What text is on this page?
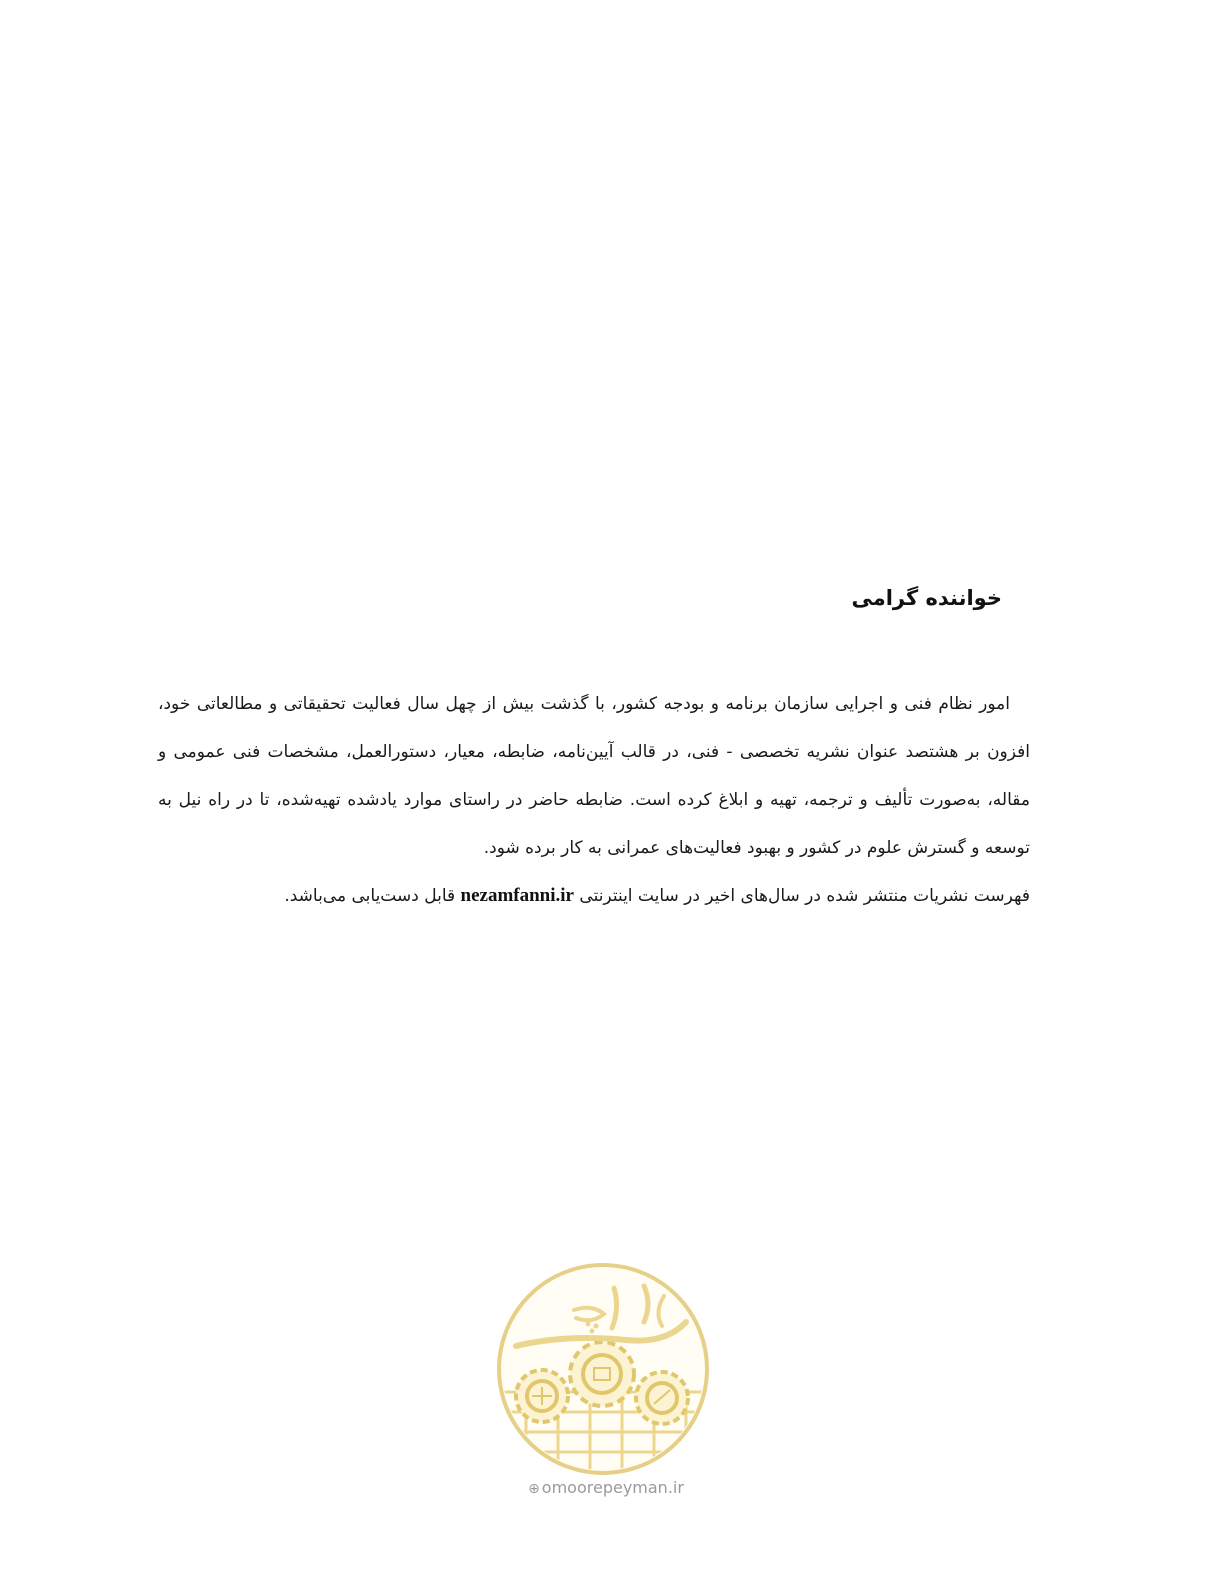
خواننده گرامی

امور نظام فنی و اجرایی سازمان برنامه و بودجه کشور، با گذشت بیش از چهل سال فعالیت تحقیقاتی و مطالعاتی خود، افزون بر هشتصد عنوان نشریه تخصصی - فنی، در قالب آیین‌نامه، ضابطه، معیار، دستورالعمل، مشخصات فنی عمومی و مقاله، به‌صورت تألیف و ترجمه، تهیه و ابلاغ کرده است. ضابطه حاضر در راستای موارد یادشده تهیه‌شده، تا در راه نیل به توسعه و گسترش علوم در کشور و بهبود فعالیت‌های عمرانی به کار برده شود.

فهرست نشریات منتشر شده در سال‌های اخیر در سایت اینترنتی nezamfanni.ir قابل دست‌یابی می‌باشد.

⊕ omoorepeyman.ir
